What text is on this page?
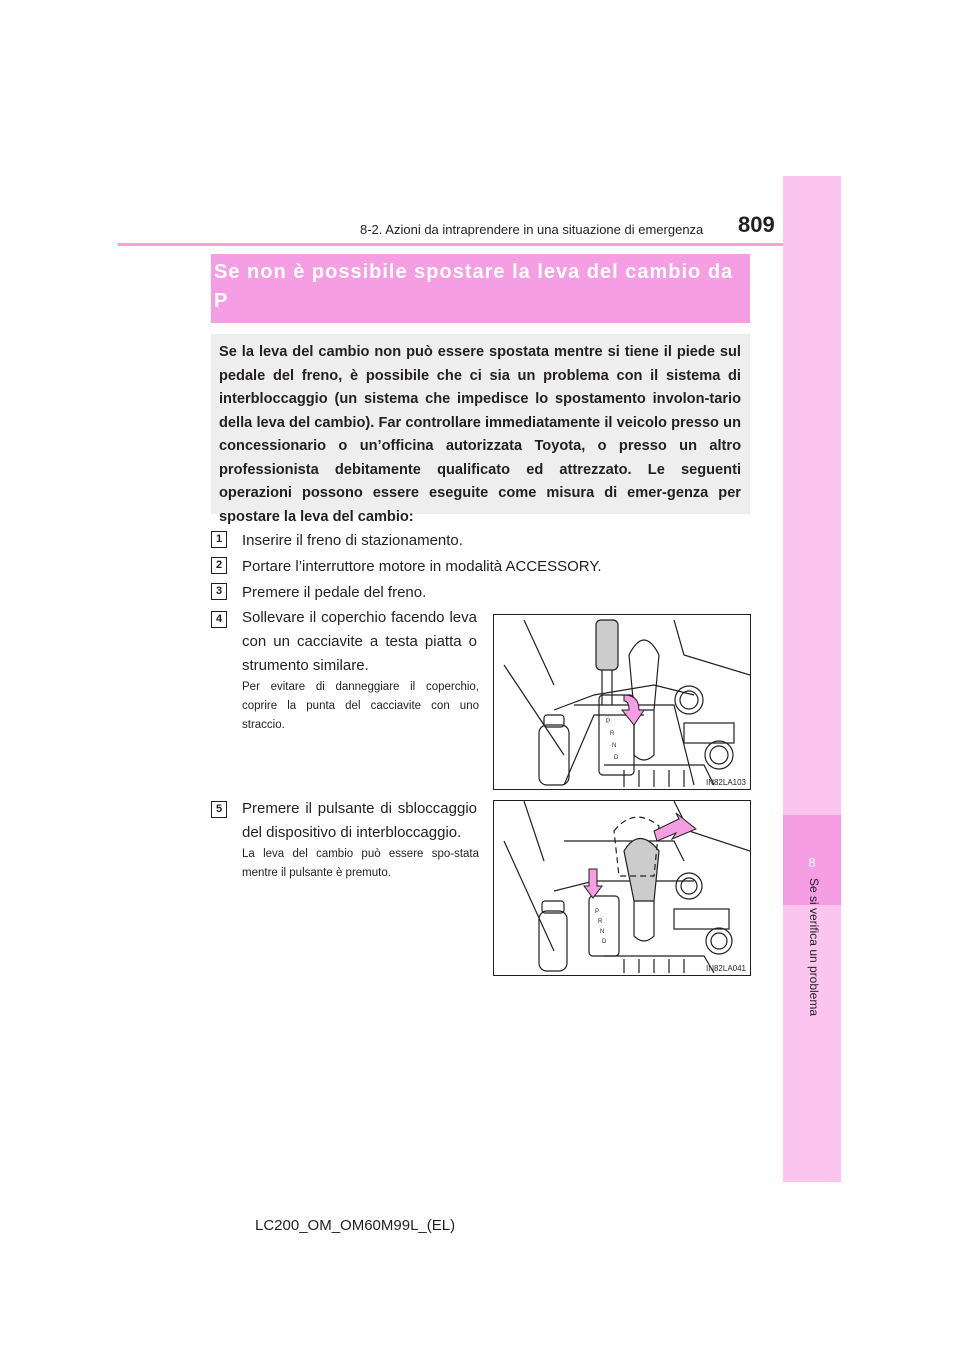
8
Se si verifica un problema
8-2. Azioni da intraprendere in una situazione di emergenza 809
Se non è possibile spostare la leva del cambio da P
Se la leva del cambio non può essere spostata mentre si tiene il piede sul pedale del freno, è possibile che ci sia un problema con il sistema di interbloccaggio (un sistema che impedisce lo spostamento involon-tario della leva del cambio). Far controllare immediatamente il veicolo presso un concessionario o un’officina autorizzata Toyota, o presso un altro professionista debitamente qualificato ed attrezzato. Le seguenti operazioni possono essere eseguite come misura di emer-genza per spostare la leva del cambio:
1	Inserire il freno di stazionamento.
2	Portare l’interruttore motore in modalità ACCESSORY.
3	Premere il pedale del freno.
4	Sollevare il coperchio facendo leva con un cacciavite a testa piatta o strumento similare.
Per evitare di danneggiare il coperchio, coprire la punta del cacciavite con uno straccio.	P
R
N
D
IN82LA103
5	Premere il pulsante di sbloccaggio del dispositivo di interbloccaggio.
La leva del cambio può essere spo-stata mentre il pulsante è premuto.
P
R
N
D
IN82LA041
LC200_OM_OM60M99L_(EL)
